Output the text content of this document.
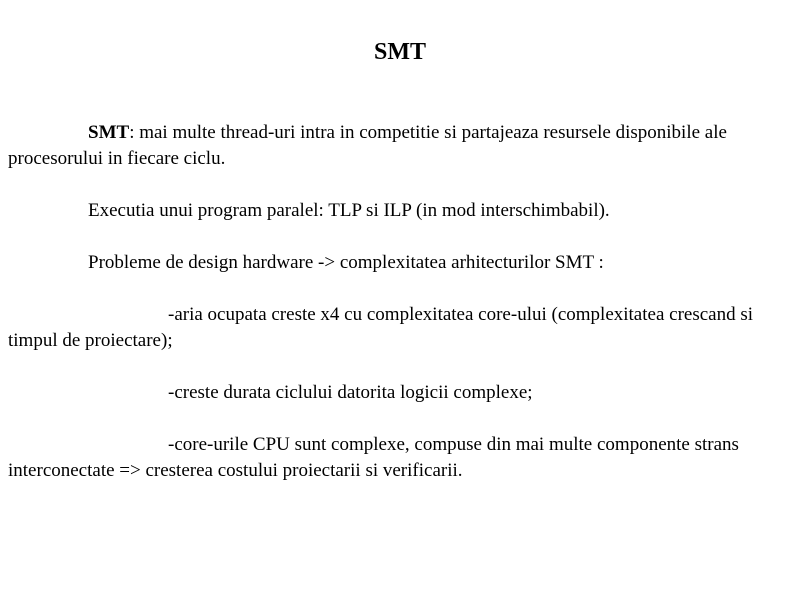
SMT

SMT: mai multe thread-uri intra in competitie si partajeaza resursele disponibile ale procesorului in fiecare ciclu.

Executia unui program paralel: TLP si ILP (in mod interschimbabil).

Probleme de design hardware -> complexitatea arhitecturilor SMT :

-aria ocupata creste x4 cu complexitatea core-ului (complexitatea crescand si timpul de proiectare);

-creste durata ciclului datorita logicii complexe;

-core-urile CPU sunt complexe, compuse din mai multe componente strans interconectate => cresterea costului proiectarii si verificarii.
